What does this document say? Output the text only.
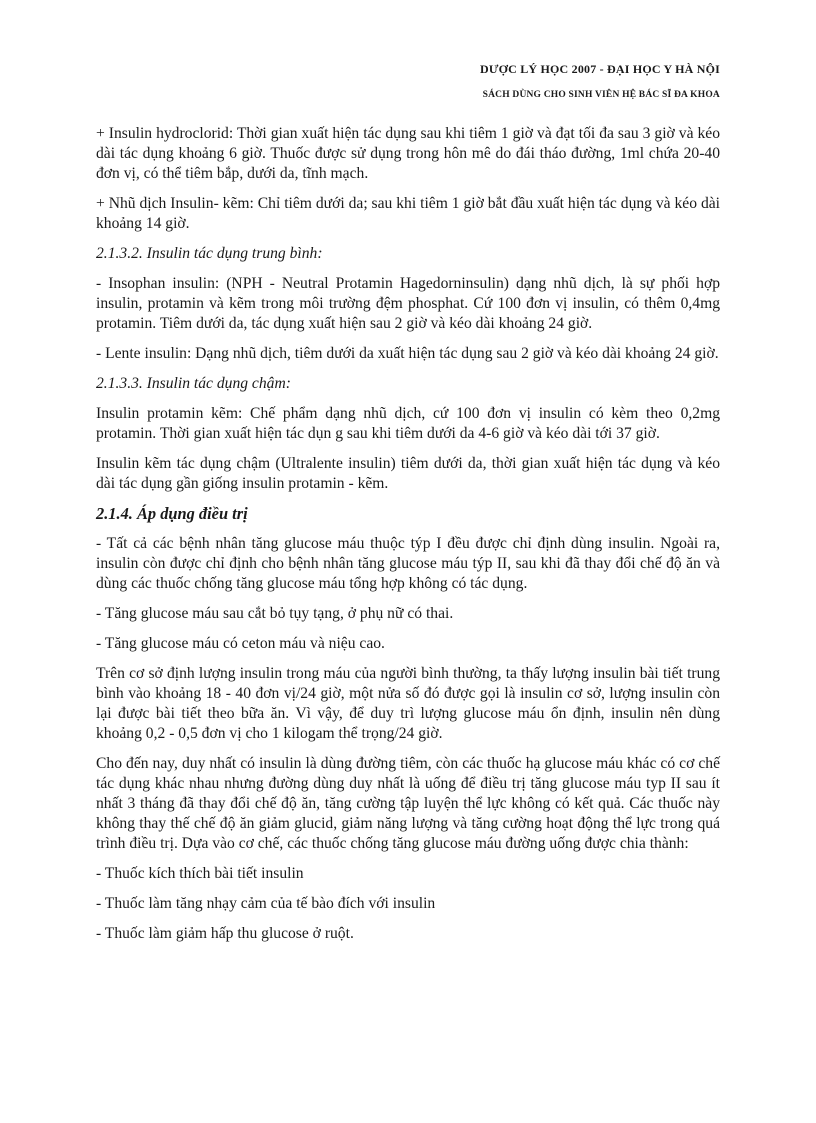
DƯỢC LÝ HỌC 2007 - ĐẠI HỌC Y HÀ NỘI
SÁCH DÙNG CHO SINH VIÊN HỆ BÁC SĨ ĐA KHOA

+ Insulin hydroclorid: Thời gian xuất hiện tác dụng sau khi tiêm 1 giờ và đạt tối đa sau 3 giờ và kéo dài tác dụng khoảng 6 giờ. Thuốc được sử dụng trong hôn mê do đái tháo đường, 1ml chứa 20-40 đơn vị, có thể tiêm bắp, dưới da, tĩnh mạch.

+ Nhũ dịch Insulin- kẽm: Chỉ tiêm dưới da; sau khi tiêm 1 giờ bắt đầu xuất hiện tác dụng và kéo dài khoảng 14 giờ.

2.1.3.2. Insulin tác dụng trung bình:

- Insophan insulin: (NPH - Neutral Protamin Hagedorninsulin) dạng nhũ dịch, là sự phối hợp insulin, protamin và kẽm trong môi trường đệm phosphat. Cứ 100 đơn vị insulin, có thêm 0,4mg protamin. Tiêm dưới da, tác dụng xuất hiện sau 2 giờ và kéo dài khoảng 24 giờ.

- Lente insulin: Dạng nhũ dịch, tiêm dưới da xuất hiện tác dụng sau 2 giờ và kéo dài khoảng 24 giờ.

2.1.3.3. Insulin tác dụng chậm:

Insulin protamin kẽm: Chế phẩm dạng nhũ dịch, cứ 100 đơn vị insulin có kèm theo 0,2mg protamin. Thời gian xuất hiện tác dụn g sau khi tiêm dưới da 4-6 giờ và kéo dài tới 37 giờ.

Insulin kẽm tác dụng chậm (Ultralente insulin) tiêm dưới da, thời gian xuất hiện tác dụng và kéo dài tác dụng gần giống insulin protamin - kẽm.

2.1.4. Áp dụng điều trị

- Tất cả các bệnh nhân tăng glucose máu thuộc týp I đều được chỉ định dùng insulin. Ngoài ra, insulin còn được chỉ định cho bệnh nhân tăng glucose máu týp II, sau khi đã thay đổi chế độ ăn và dùng các thuốc chống tăng glucose máu tổng hợp không có tác dụng.

- Tăng glucose máu sau cắt bỏ tụy tạng, ở phụ nữ có thai.

- Tăng glucose máu có ceton máu và niệu cao.

Trên cơ sở định lượng insulin trong máu của người bình thường, ta thấy lượng insulin bài tiết trung bình vào khoảng 18 - 40 đơn vị/24 giờ, một nửa số đó được gọi là insulin cơ sở, lượng insulin còn lại được bài tiết theo bữa ăn. Vì vậy, để duy trì lượng glucose máu ổn định, insulin nên dùng khoảng 0,2 - 0,5 đơn vị cho 1 kilogam thể trọng/24 giờ.

Cho đến nay, duy nhất có insulin là dùng đường tiêm, còn các thuốc hạ glucose máu khác có cơ chế tác dụng khác nhau nhưng đường dùng duy nhất là uống để điều trị tăng glucose máu typ II sau ít nhất 3 tháng đã thay đổi chế độ ăn, tăng cường tập luyện thể lực không có kết quả. Các thuốc này không thay thế chế độ ăn giảm glucid, giảm năng lượng và tăng cường hoạt động thể lực trong quá trình điều trị. Dựa vào cơ chế, các thuốc chống tăng glucose máu đường uống được chia thành:

- Thuốc kích thích bài tiết insulin

- Thuốc làm tăng nhạy cảm của tế bào đích với insulin

- Thuốc làm giảm hấp thu glucose ở ruột.
